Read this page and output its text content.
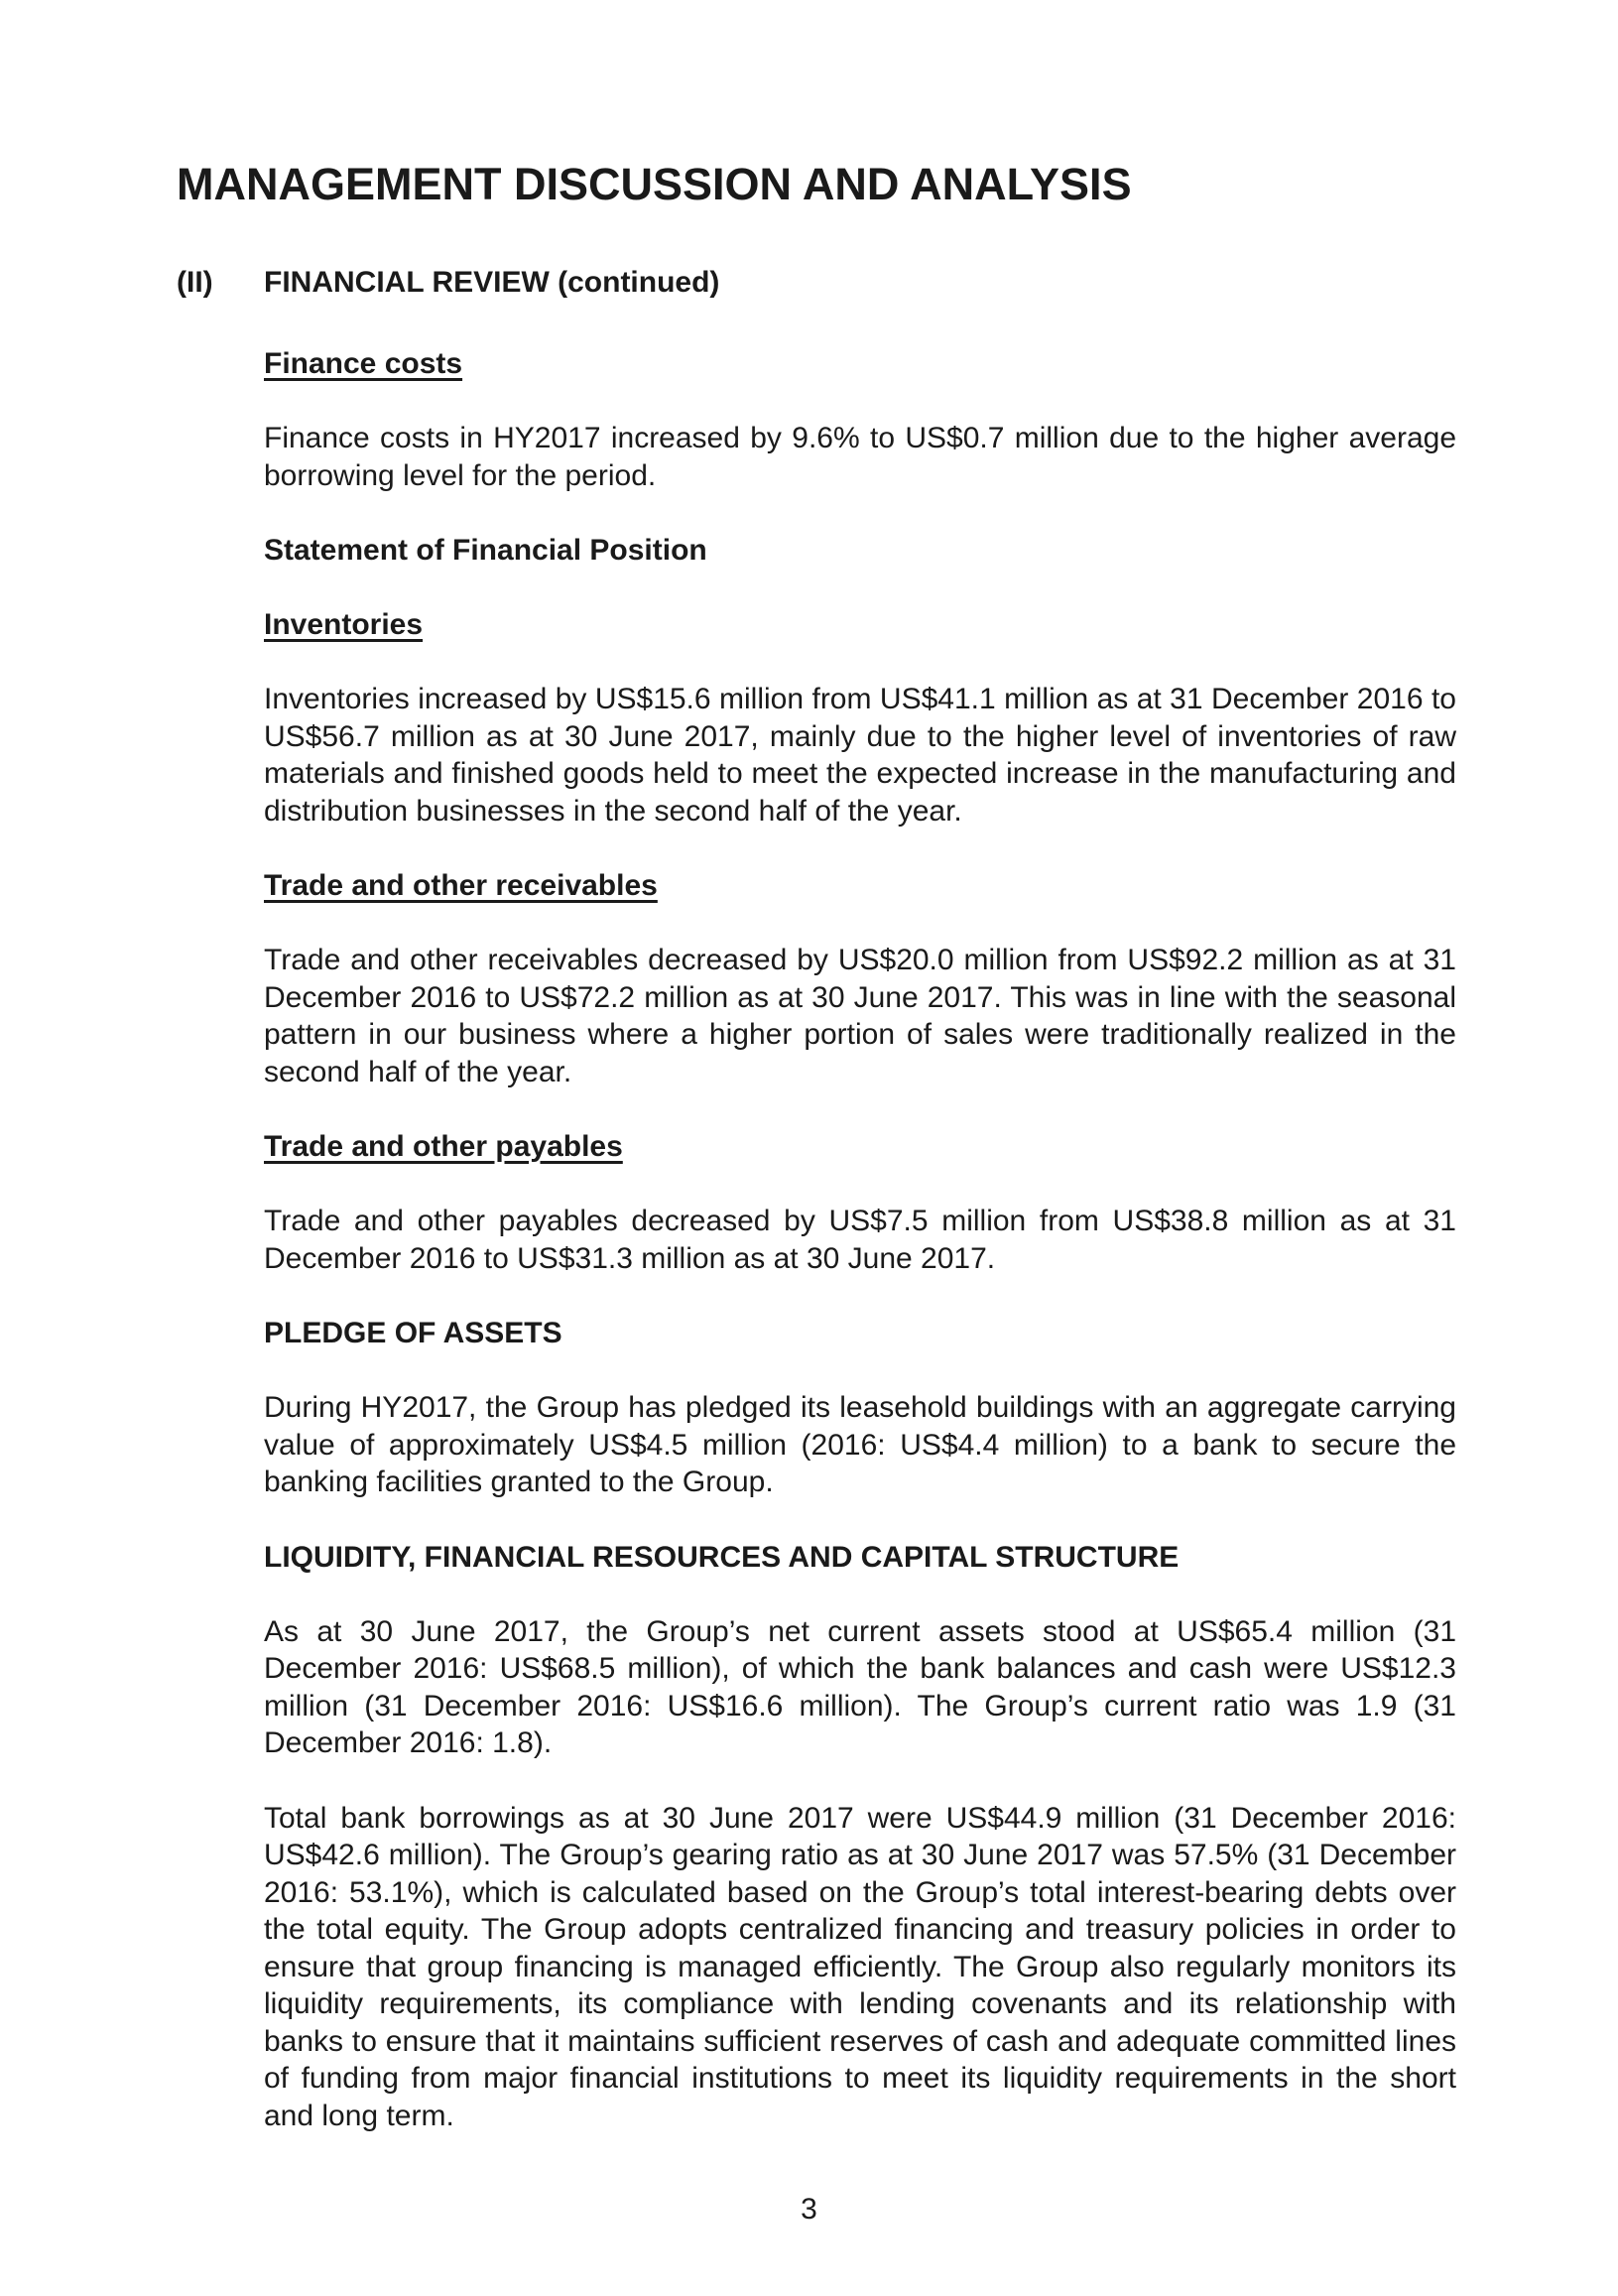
MANAGEMENT DISCUSSION AND ANALYSIS
(II) FINANCIAL REVIEW (continued)

Finance costs

Finance costs in HY2017 increased by 9.6% to US$0.7 million due to the higher average borrowing level for the period.

Statement of Financial Position

Inventories

Inventories increased by US$15.6 million from US$41.1 million as at 31 December 2016 to US$56.7 million as at 30 June 2017, mainly due to the higher level of inventories of raw materials and finished goods held to meet the expected increase in the manufacturing and distribution businesses in the second half of the year.

Trade and other receivables

Trade and other receivables decreased by US$20.0 million from US$92.2 million as at 31 December 2016 to US$72.2 million as at 30 June 2017. This was in line with the seasonal pattern in our business where a higher portion of sales were traditionally realized in the second half of the year.

Trade and other payables

Trade and other payables decreased by US$7.5 million from US$38.8 million as at 31 December 2016 to US$31.3 million as at 30 June 2017.

PLEDGE OF ASSETS

During HY2017, the Group has pledged its leasehold buildings with an aggregate carrying value of approximately US$4.5 million (2016: US$4.4 million) to a bank to secure the banking facilities granted to the Group.

LIQUIDITY, FINANCIAL RESOURCES AND CAPITAL STRUCTURE

As at 30 June 2017, the Group’s net current assets stood at US$65.4 million (31 December 2016: US$68.5 million), of which the bank balances and cash were US$12.3 million (31 December 2016: US$16.6 million). The Group’s current ratio was 1.9 (31 December 2016: 1.8).

Total bank borrowings as at 30 June 2017 were US$44.9 million (31 December 2016: US$42.6 million). The Group’s gearing ratio as at 30 June 2017 was 57.5% (31 December 2016: 53.1%), which is calculated based on the Group’s total interest-bearing debts over the total equity. The Group adopts centralized financing and treasury policies in order to ensure that group financing is managed efficiently. The Group also regularly monitors its liquidity requirements, its compliance with lending covenants and its relationship with banks to ensure that it maintains sufficient reserves of cash and adequate committed lines of funding from major financial institutions to meet its liquidity requirements in the short and long term.

3
